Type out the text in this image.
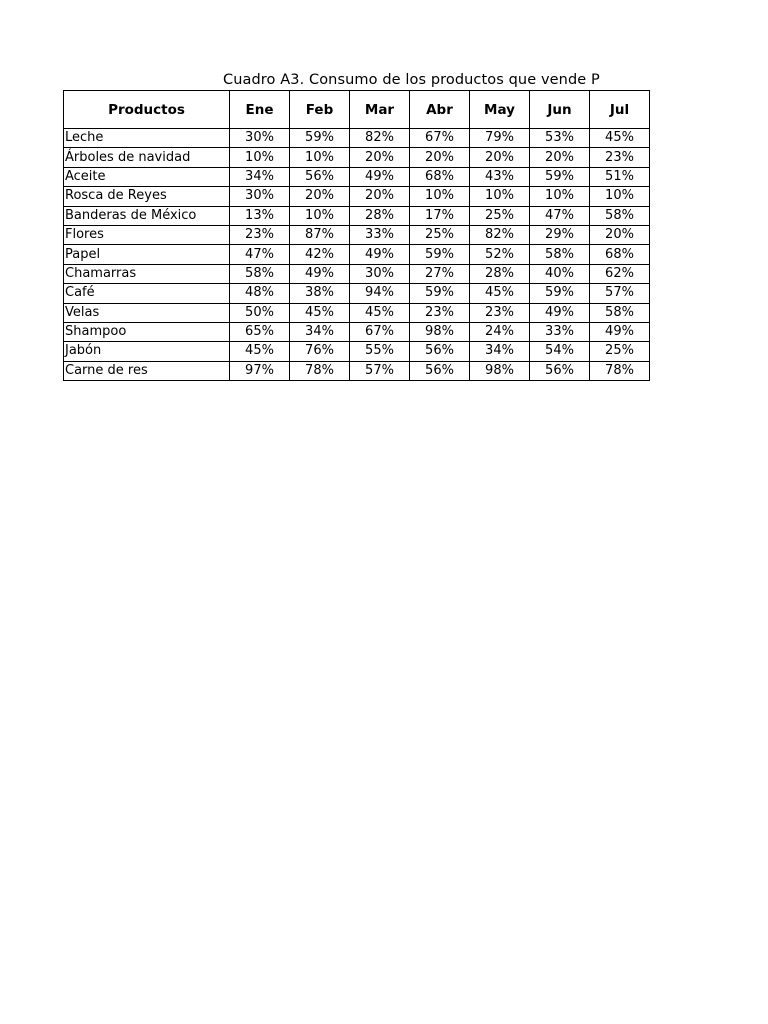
Cuadro A3. Consumo de los productos que vende P
Productos	Ene	Feb	Mar	Abr	May	Jun	Jul
Leche	30%	59%	82%	67%	79%	53%	45%
Árboles de navidad	10%	10%	20%	20%	20%	20%	23%
Aceite	34%	56%	49%	68%	43%	59%	51%
Rosca de Reyes	30%	20%	20%	10%	10%	10%	10%
Banderas de México	13%	10%	28%	17%	25%	47%	58%
Flores	23%	87%	33%	25%	82%	29%	20%
Papel	47%	42%	49%	59%	52%	58%	68%
Chamarras	58%	49%	30%	27%	28%	40%	62%
Café	48%	38%	94%	59%	45%	59%	57%
Velas	50%	45%	45%	23%	23%	49%	58%
Shampoo	65%	34%	67%	98%	24%	33%	49%
Jabón	45%	76%	55%	56%	34%	54%	25%
Carne de res	97%	78%	57%	56%	98%	56%	78%
